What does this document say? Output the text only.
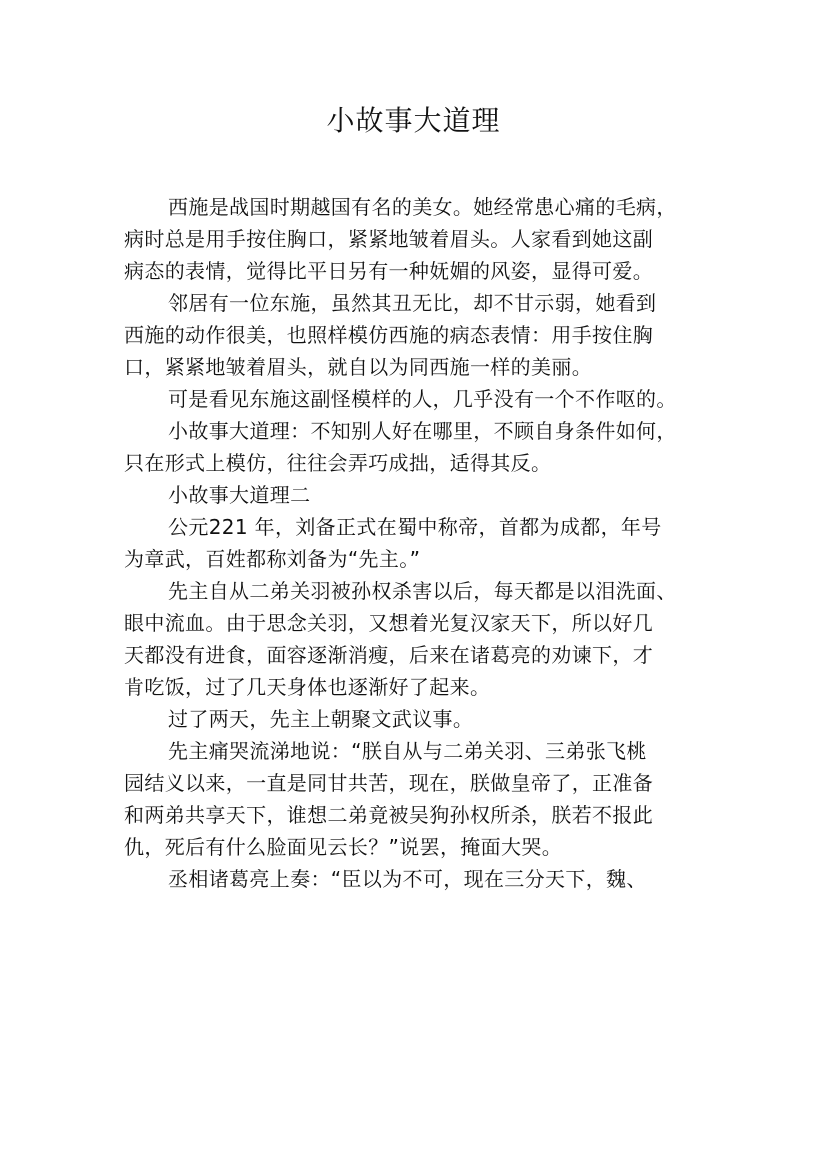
小故事大道理
西施是战国时期越国有名的美女。她经常患心痛的毛病，
病时总是用手按住胸口，紧紧地皱着眉头。人家看到她这副
病态的表情，觉得比平日另有一种妩媚的风姿，显得可爱。
邻居有一位东施，虽然其丑无比，却不甘示弱，她看到
西施的动作很美，也照样模仿西施的病态表情：用手按住胸
口，紧紧地皱着眉头，就自以为同西施一样的美丽。
可是看见东施这副怪模样的人，几乎没有一个不作呕的。
小故事大道理：不知别人好在哪里，不顾自身条件如何，
只在形式上模仿，往往会弄巧成拙，适得其反。
小故事大道理二
公元221 年，刘备正式在蜀中称帝，首都为成都，年号
为章武，百姓都称刘备为“先主。”
先主自从二弟关羽被孙权杀害以后，每天都是以泪洗面、
眼中流血。由于思念关羽，又想着光复汉家天下，所以好几
天都没有进食，面容逐渐消瘦，后来在诸葛亮的劝谏下，才
肯吃饭，过了几天身体也逐渐好了起来。
过了两天，先主上朝聚文武议事。
先主痛哭流涕地说：“朕自从与二弟关羽、三弟张飞桃
园结义以来，一直是同甘共苦，现在，朕做皇帝了，正准备
和两弟共享天下，谁想二弟竟被吴狗孙权所杀，朕若不报此
仇，死后有什么脸面见云长？”说罢，掩面大哭。
丞相诸葛亮上奏：“臣以为不可，现在三分天下，魏、
